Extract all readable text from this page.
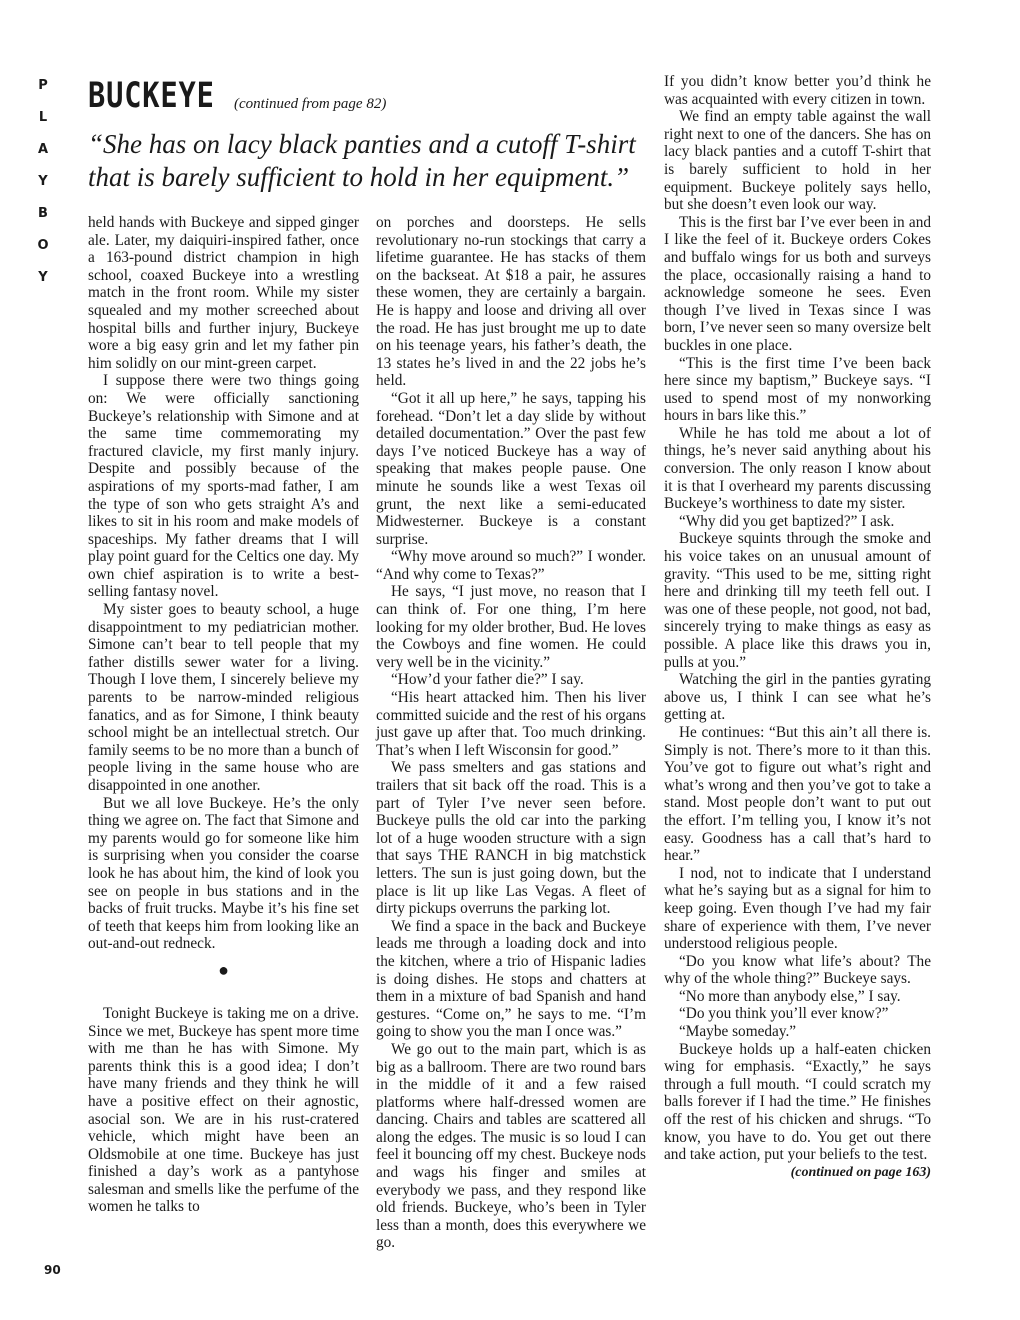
P
L
A
Y
B
O
Y
BUCKEYE (continued from page 82)
“She has on lacy black panties and a cutoff T-shirt that is barely sufficient to hold in her equipment.”

held hands with Buckeye and sipped ginger ale. Later, my daiquiri-inspired father, once a 163-pound district champion in high school, coaxed Buckeye into a wrestling match in the front room. While my sister squealed and my mother screeched about hospital bills and further injury, Buckeye wore a big easy grin and let my father pin him solidly on our mint-green carpet.

I suppose there were two things going on: We were officially sanctioning Buckeye’s relationship with Simone and at the same time commemorating my fractured clavicle, my first manly injury. Despite and possibly because of the aspirations of my sports-mad father, I am the type of son who gets straight A’s and likes to sit in his room and make models of spaceships. My father dreams that I will play point guard for the Celtics one day. My own chief aspiration is to write a best-selling fantasy novel.

My sister goes to beauty school, a huge disappointment to my pediatrician mother. Simone can’t bear to tell people that my father distills sewer water for a living. Though I love them, I sincerely believe my parents to be narrow-minded religious fanatics, and as for Simone, I think beauty school might be an intellectual stretch. Our family seems to be no more than a bunch of people living in the same house who are disappointed in one another.

But we all love Buckeye. He’s the only thing we agree on. The fact that Simone and my parents would go for someone like him is surprising when you consider the coarse look he has about him, the kind of look you see on people in bus stations and in the backs of fruit trucks. Maybe it’s his fine set of teeth that keeps him from looking like an out-and-out redneck.

●

Tonight Buckeye is taking me on a drive. Since we met, Buckeye has spent more time with me than he has with Simone. My parents think this is a good idea; I don’t have many friends and they think he will have a positive effect on their agnostic, asocial son. We are in his rust-cratered vehicle, which might have been an Oldsmobile at one time. Buckeye has just finished a day’s work as a pantyhose salesman and smells like the perfume of the women he talks to

on porches and doorsteps. He sells revolutionary no-run stockings that carry a lifetime guarantee. He has stacks of them on the backseat. At $18 a pair, he assures these women, they are certainly a bargain. He is happy and loose and driving all over the road. He has just brought me up to date on his teenage years, his father’s death, the 13 states he’s lived in and the 22 jobs he’s held.

“Got it all up here,” he says, tapping his forehead. “Don’t let a day slide by without detailed documentation.” Over the past few days I’ve noticed Buckeye has a way of speaking that makes people pause. One minute he sounds like a west Texas oil grunt, the next like a semi-educated Midwesterner. Buckeye is a constant surprise.

“Why move around so much?” I wonder. “And why come to Texas?”

He says, “I just move, no reason that I can think of. For one thing, I’m here looking for my older brother, Bud. He loves the Cowboys and fine women. He could very well be in the vicinity.”

“How’d your father die?” I say.

“His heart attacked him. Then his liver committed suicide and the rest of his organs just gave up after that. Too much drinking. That’s when I left Wisconsin for good.”

We pass smelters and gas stations and trailers that sit back off the road. This is a part of Tyler I’ve never seen before. Buckeye pulls the old car into the parking lot of a huge wooden structure with a sign that says THE RANCH in big matchstick letters. The sun is just going down, but the place is lit up like Las Vegas. A fleet of dirty pickups overruns the parking lot.

We find a space in the back and Buckeye leads me through a loading dock and into the kitchen, where a trio of Hispanic ladies is doing dishes. He stops and chatters at them in a mixture of bad Spanish and hand gestures. “Come on,” he says to me. “I’m going to show you the man I once was.”

We go out to the main part, which is as big as a ballroom. There are two round bars in the middle of it and a few raised platforms where half-dressed women are dancing. Chairs and tables are scattered all along the edges. The music is so loud I can feel it bouncing off my chest. Buckeye nods and wags his finger and smiles at everybody we pass, and they respond like old friends. Buckeye, who’s been in Tyler less than a month, does this everywhere we go.

If you didn’t know better you’d think he was acquainted with every citizen in town.

We find an empty table against the wall right next to one of the dancers. She has on lacy black panties and a cutoff T-shirt that is barely sufficient to hold in her equipment. Buckeye politely says hello, but she doesn’t even look our way.

This is the first bar I’ve ever been in and I like the feel of it. Buckeye orders Cokes and buffalo wings for us both and surveys the place, occasionally raising a hand to acknowledge someone he sees. Even though I’ve lived in Texas since I was born, I’ve never seen so many oversize belt buckles in one place.

“This is the first time I’ve been back here since my baptism,” Buckeye says. “I used to spend most of my nonworking hours in bars like this.”

While he has told me about a lot of things, he’s never said anything about his conversion. The only reason I know about it is that I overheard my parents discussing Buckeye’s worthiness to date my sister.

“Why did you get baptized?” I ask.

Buckeye squints through the smoke and his voice takes on an unusual amount of gravity. “This used to be me, sitting right here and drinking till my teeth fell out. I was one of these people, not good, not bad, sincerely trying to make things as easy as possible. A place like this draws you in, pulls at you.”

Watching the girl in the panties gyrating above us, I think I can see what he’s getting at.

He continues: “But this ain’t all there is. Simply is not. There’s more to it than this. You’ve got to figure out what’s right and what’s wrong and then you’ve got to take a stand. Most people don’t want to put out the effort. I’m telling you, I know it’s not easy. Goodness has a call that’s hard to hear.”

I nod, not to indicate that I understand what he’s saying but as a signal for him to keep going. Even though I’ve had my fair share of experience with them, I’ve never understood religious people.

“Do you know what life’s about? The why of the whole thing?” Buckeye says.

“No more than anybody else,” I say.

“Do you think you’ll ever know?”

“Maybe someday.”

Buckeye holds up a half-eaten chicken wing for emphasis. “Exactly,” he says through a full mouth. “I could scratch my balls forever if I had the time.” He finishes off the rest of his chicken and shrugs. “To know, you have to do. You get out there and take action, put your beliefs to the test.

(continued on page 163)

90
